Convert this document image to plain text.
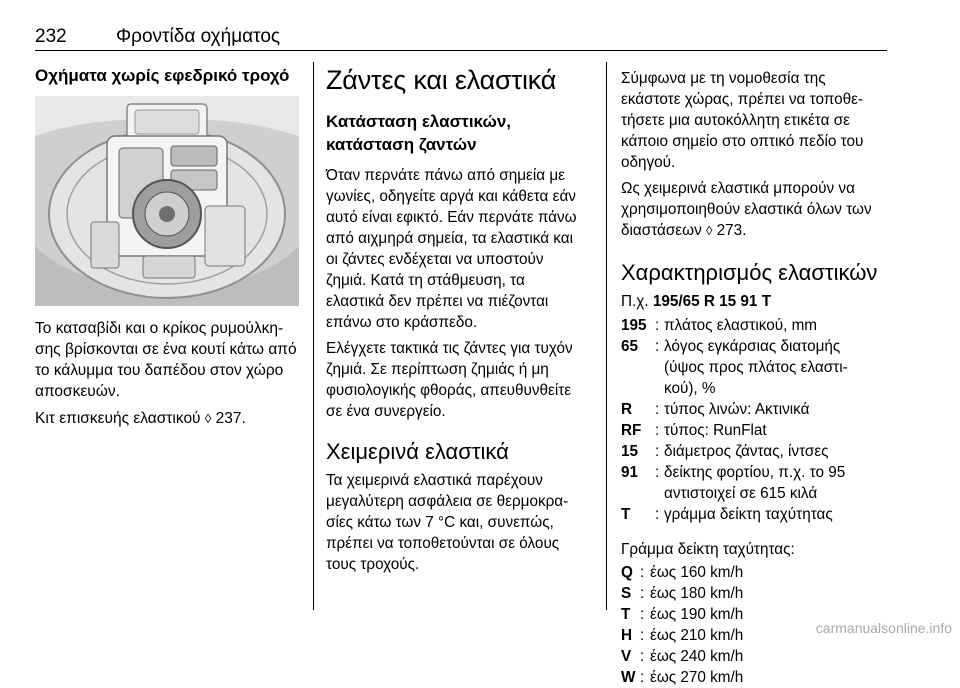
232	Φροντίδα οχήματος
Οχήματα χωρίς εφεδρικό τροχό

Το κατσαβίδι και ο κρίκος ρυμούλκη-
σης βρίσκονται σε ένα κουτί κάτω από
το κάλυμμα του δαπέδου στον χώρο
αποσκευών.

Κιτ επισκευής ελαστικού ◊ 237.

Ζάντες και ελαστικά
Κατάσταση ελαστικών,
κατάσταση ζαντών

Όταν περνάτε πάνω από σημεία με
γωνίες, οδηγείτε αργά και κάθετα εάν
αυτό είναι εφικτό. Εάν περνάτε πάνω
από αιχμηρά σημεία, τα ελαστικά και
οι ζάντες ενδέχεται να υποστούν
ζημιά. Κατά τη στάθμευση, τα
ελαστικά δεν πρέπει να πιέζονται
επάνω στο κράσπεδο.

Ελέγχετε τακτικά τις ζάντες για τυχόν
ζημιά. Σε περίπτωση ζημιάς ή μη
φυσιολογικής φθοράς, απευθυνθείτε
σε ένα συνεργείο.

Χειμερινά ελαστικά

Τα χειμερινά ελαστικά παρέχουν
μεγαλύτερη ασφάλεια σε θερμοκρα-
σίες κάτω των 7 °C και, συνεπώς,
πρέπει να τοποθετούνται σε όλους
τους τροχούς.

Σύμφωνα με τη νομοθεσία της
εκάστοτε χώρας, πρέπει να τοποθε-
τήσετε μια αυτοκόλλητη ετικέτα σε
κάποιο σημείο στο οπτικό πεδίο του
οδηγού.

Ως χειμερινά ελαστικά μπορούν να
χρησιμοποιηθούν ελαστικά όλων των
διαστάσεων ◊ 273.

Χαρακτηρισμός ελαστικών

Π.χ. 195/65 R 15 91 T

195 : πλάτος ελαστικού, mm
65	: λόγος εγκάρσιας διατομής
(ύψος προς πλάτος ελαστι-
κού), %
R	: τύπος λινών: Ακτινικά
RF : τύπος: RunFlat
15	: διάμετρος ζάντας, ίντσες
91	: δείκτης φορτίου, π.χ. το 95
αντιστοιχεί σε 615 κιλά
T	: γράμμα δείκτη ταχύτητας

Γράμμα δείκτη ταχύτητας:

Q : έως 160 km/h
S : έως 180 km/h
T : έως 190 km/h
H : έως 210 km/h
V : έως 240 km/h
W : έως 270 km/h
carmanualsonline.info
